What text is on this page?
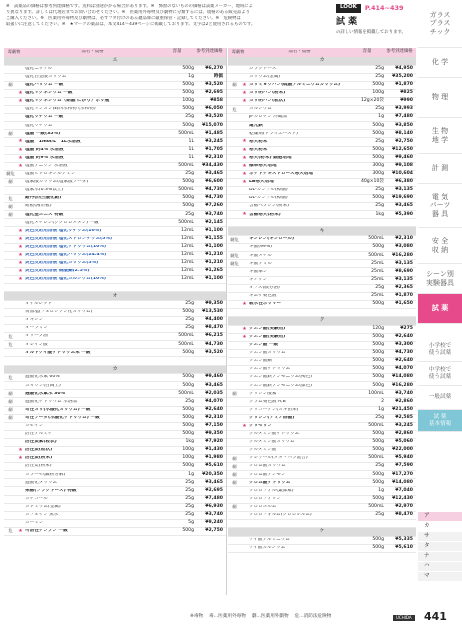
※　試薬品の価格は参考到達価格です。送料は別途かかる場合があります。※　弊窗のないものの価格は試薬メーカー、地域によ
り異なります。詳しくは代理店までお問い合わせください。※　医薬用外毒物及び劇物に分類するには、規格のある販売品より
ご購入ください。※　医薬用外毒物及び劇物は、必ずフタ付けのある鍵品庫に厳重保管・記録してください。※　危険物は
取扱いに注意してください。※　★マークの薬品は、本文414〜439ページに掲載しております。文字は2と使用されるものです。
LOOK P.414~439
試 薬
の詳しい情報を掲載しております。
毒劇物	品名・規格	容量	参考到達価格
エ
塩化ニッケル	500g	¥6,270
塩化白金酸カリウム	1g	時価
劇	塩化バリウム 一級	500g	¥3,520
★ 塩化マグネシウム 一級	500g	¥2,695
★ 塩化マグネシウム（結晶 にがり）ポリ瓶	100g	¥858
塩化マンガン(Ⅱ)四水和物 (水和物)	500g	¥6,050
塩化リチウム 一級	25g	¥3,520
塩化リチウム	500g	¥15,070
劇	塩酸 一級(35%)	500mL	¥1,485
★ 塩酸　1mol/L　1L水溶液	1L	¥3,245
★ 塩酸 約4% 水溶液	1L	¥1,705
★ 塩酸 約9% 水溶液	1L	¥2,310
★ 塩酸アニリン 水溶液	500mL	¥34,430
劇危	塩酸ヒドロキシルアミン	25g	¥3,465
劇	塩素酸カリウム(塩素酸ソーダ)	500g	¥6,600
塩素水(0.3%以上)	500mL	¥4,730
危	鉛丹(四三酸化鉛)	500g	¥4,730
劇	鉛板(薄形板)	500g	¥7,260
劇	塩化亜エニス 特級	25g	¥3,740
塩化メチレン(ジクロロメタン) 一級	500mL	¥2,145
★ 炎色反応用溶液 塩化リチウム(10%)	12mL	¥1,100
★ 炎色反応用溶液 塩化ストロンチウム(5%)	12mL	¥1,155
★ 炎色反応用溶液 塩化ナトリウム(10%)	12mL	¥1,100
★ 炎色反応用溶液 塩化バリウム(24.4%)	12mL	¥1,210
★ 炎色反応用溶液 塩化カリウム(5%)	12mL	¥1,210
★ 炎色反応用溶液 硝酸銅(2.5%)	12mL	¥1,265
★ 炎色反応用溶液 塩化カルシウム(10%)	12mL	¥1,100
オ
オイルレッド	25g	¥9,350
黄血塩(フェロシアン化カリウム)	500g	¥13,530
オキシン	25g	¥4,400
オーラミン	25g	¥8,470
危	オリーブ油	500mL	¥6,215
危	オレイン酸	500mL	¥4,730
オルトケイ酸ナトリウム末 一級	500g	¥3,520
カ
危	過酸化水素 60%	500g	¥9,460
カオリン(白陶土)	500g	¥3,465
劇	過酸化水素水 30%	500mL	¥2,035
劇	過酸化ナトリウム 水溶品	25g	¥4,070
劇	苛性カリ(水酸化カリウム) 一級	500g	¥2,640
劇	苛性ソーダ(水酸化ナトリウム) 一級	500g	¥2,310
カゼイン	500g	¥7,150
活性アルミナ	500g	¥9,350
活性炭素(粒状)	1kg	¥7,920
★ 活性炭(粒状)	100g	¥1,430
★ 活性炭(粉末)	100g	¥1,980
活性炭(粉末)	500g	¥5,610
カラーゼ(澱粉分解)	1g	¥20,350
過酸化タリウム	25g	¥3,465
果糖(フラクトース) 特級	25g	¥2,695
カテコール	25g	¥7,480
カドミウム(金属)	25g	¥6,930
カフェイン 無水	25g	¥3,740
カーミン	5g	¥9,240
危	★ 可溶性デンプン 一級	500g	¥2,750
毒劇物	品名・規格	容量	参考到達価格
カ
ガラクトース	25g	¥4,950
カリウム(金属)	25g	¥35,200
劇	★ カリミョウバン(硫酸アルミニウムカリウム)	500g	¥1,870
★ カリ明バン(粉末)	100g	¥825
★ カリ明バン(粒状)	12g×20袋	¥990
危	カルシウム	25g	¥3,993
β-カロテン 冷蔵品	1g	¥7,480
還元鉄	500g	¥3,850
乾燥剤(ドライエースト)	500g	¥8,140
★ 寒天粉末	25g	¥2,750
★ 寒天粉末	500g	¥12,650
★ 寒天(粉末) 細胞培地	500g	¥9,460
★ 標準寒天培地	300g	¥9,108
★ ポテトデキストロース寒天培地	300g	¥10,604
★ LB寒天培地	40g×10袋	¥6,380
DL-カンフル(樟脳)	25g	¥3,135
DL-カンフル(樟脳)	500g	¥19,690
含糖ペプシン(粉末)	25g	¥3,465
★ 含糖寒天(粉末)	1kg	¥5,390
キ
劇危	キシレン(キシロール)	500mL	¥2,310
キ酸(99%)	500g	¥3,080
劇危	キ酸メチル	500mL	¥16,280
劇危	ギ酸アミル	25mL	¥3,135
キ酸撃ン	25mL	¥8,690
キノリン	25mL	¥3,135
オフス(膜分溶)	25g	¥2,365
ギムザ染色液	25mL	¥1,870
★ 吸水性ポリマー	500g	¥1,650
ク
★ クエン酸(実験用)	120g	¥275
★ クエン酸(実験用)	500g	¥2,640
クエン酸 一級	500g	¥3,300
クエン酸カリウム	500g	¥4,730
クエン酸銅	500g	¥2,640
クエン酸ナトリウム	500g	¥4,070
クエン酸鉄アンモニウム(褐色)	500g	¥14,080
クエン酸鉄アンモニウム(緑色)	500g	¥16,280
劇	グリシン酸素	100mL	¥3,740
グラム染色液 A,B	2	¥2,860
グリコーゲン(カキ由来)	1g	¥21,450
グリシン(アミノ酢酸)	25g	¥2,585
★ グリセリン	500mL	¥3,245
グルタミン酸ナトリウム	500g	¥2,860
グルタミン酸カリウム	500g	¥5,060
グルタミン酸	500g	¥22,000
劇	クレゾール(メタ・パラ混合)	500mL	¥5,940
劇	クロム酸カリウム	25g	¥7,590
劇	クロム酸アンモン	500g	¥17,270
劇	クロム酸ナトリウム	500g	¥14,080
クロロフィル(葉緑素)	1g	¥7,040
クロロフィリン	500g	¥12,430
劇	クロロホルム	500mL	¥2,970
クロロフォルム(クロロホルム)	25g	¥8,470
ケ
ケイ酸アルミニウム	500g	¥5,335
ケイ酸カルシウム	500g	¥5,610
ガラス
プラス
チック
化 学
物 理
生 物
地 学
計 測
電 気
パーツ
器 具
安 全
収 納
シーン別
実験器具
試 薬
小学校で
使う試薬
中学校で
使う試薬
一般試薬
試 薬
基本情報
ア
カ
サ
タ
ナ
ハ
マ
※毒物 毒…医薬用外毒物 劇…医薬用外劇物 危…消防法危険物	UCHIDA 441
